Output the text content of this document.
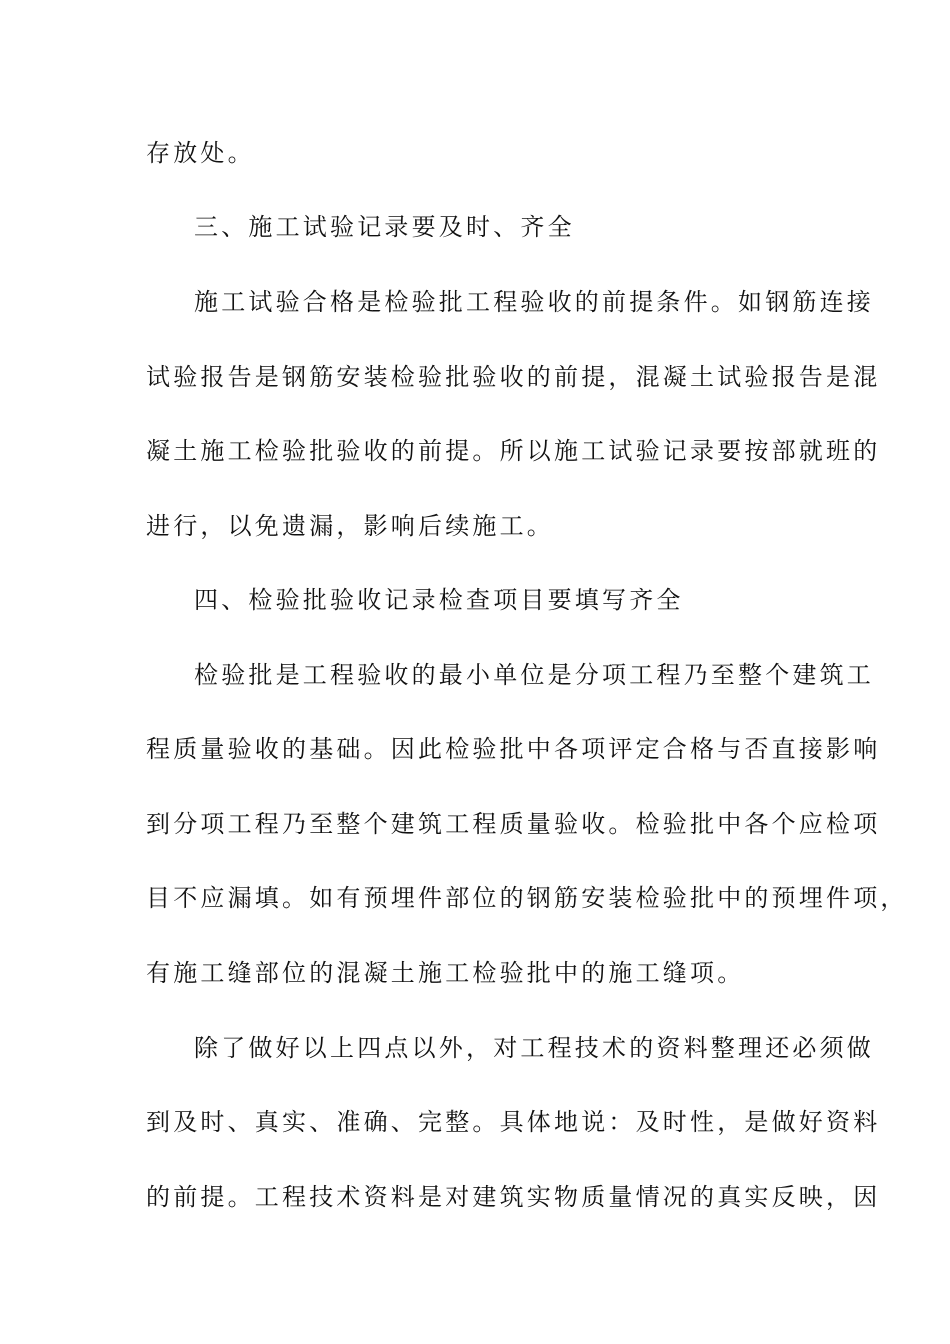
存放处。
三、施工试验记录要及时、齐全
施工试验合格是检验批工程验收的前提条件。如钢筋连接
试验报告是钢筋安装检验批验收的前提，混凝土试验报告是混
凝土施工检验批验收的前提。所以施工试验记录要按部就班的
进行，以免遗漏，影响后续施工。
四、检验批验收记录检查项目要填写齐全
检验批是工程验收的最小单位是分项工程乃至整个建筑工
程质量验收的基础。因此检验批中各项评定合格与否直接影响
到分项工程乃至整个建筑工程质量验收。检验批中各个应检项
目不应漏填。如有预埋件部位的钢筋安装检验批中的预埋件项，
有施工缝部位的混凝土施工检验批中的施工缝项。
除了做好以上四点以外，对工程技术的资料整理还必须做
到及时、真实、准确、完整。具体地说：及时性，是做好资料
的前提。工程技术资料是对建筑实物质量情况的真实反映，因
